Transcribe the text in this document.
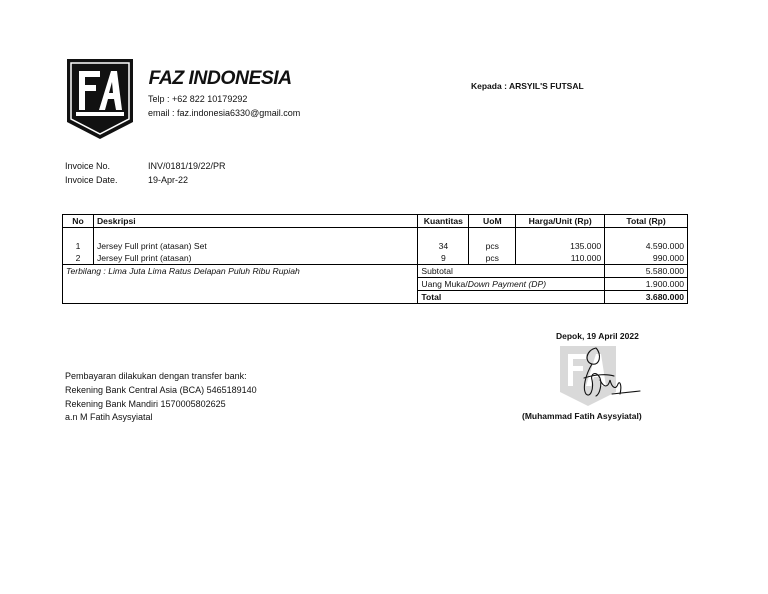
FAZ INDONESIA
Telp : +62 822 10179292
email : faz.indonesia6330@gmail.com
Kepada : ARSYIL'S FUTSAL
Invoice No.	INV/0181/19/22/PR
Invoice Date.	19-Apr-22
No	Deskripsi	Kuantitas	UoM	Harga/Unit (Rp)	Total (Rp)

1	Jersey Full print (atasan) Set	34	pcs	135.000	4.590.000
2	Jersey Full print (atasan)	9	pcs	110.000	990.000
Terbilang : Lima Juta Lima Ratus Delapan Puluh Ribu Rupiah		Subtotal			5.580.000
		Uang Muka/Down Payment (DP)			1.900.000
		Total			3.680.000
Depok, 19 April 2022
(Muhammad Fatih Asysyiatal)
Pembayaran dilakukan dengan transfer bank:
Rekening Bank Central Asia (BCA) 5465189140
Rekening Bank Mandiri 1570005802625
a.n M Fatih Asysyiatal
